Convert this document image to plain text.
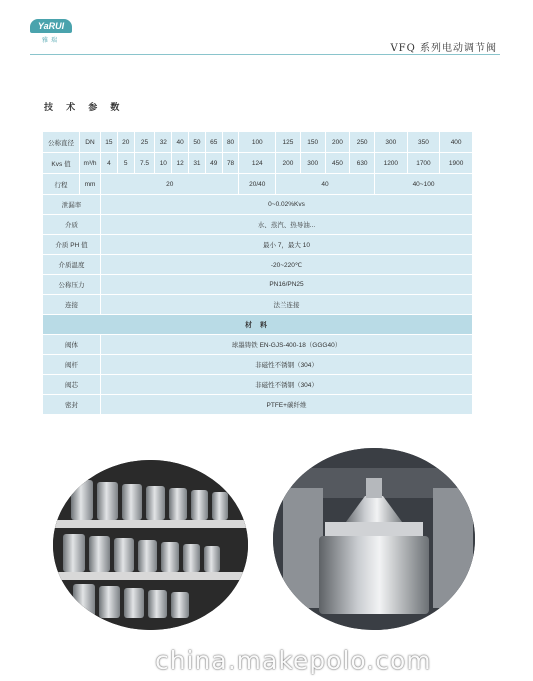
YaRUI
雅瑞
VFQ 系列电动调节阀
技 术 参 数
公称直径	DN	15	20	25	32	40	50	65	80	100	125	150	200	250	300	350	400
Kvs 值	m³/h	4	5	7.5	10	12	31	49	78	124	200	300	450	630	1200	1700	1900
行程	mm	20								20/40	40				40~100		
泄漏率		0~0.02%Kvs															
介质		水、蒸汽、热导油...															
介质 PH 值		最小 7，最大 10															
介质温度		-20~220℃															
公称压力		PN16/PN25															
连接		法兰连接															
材 料																	
阀体		球墨铸铁 EN-GJS-400-18（GGG40）															
阀杆		非磁性不锈钢（304）															
阀芯		非磁性不锈钢（304）															
密封		PTFE+碳纤维															
china.makepolo.com
